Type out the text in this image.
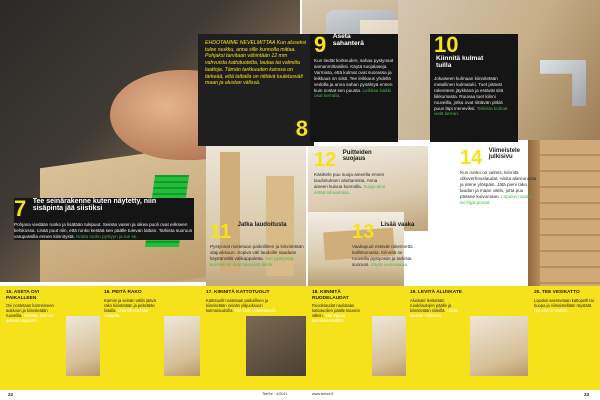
EHDOTAMME NEVELMITTAA Kun aluseksi tulee ruukku, anna sille kunnolla mittaa. Pohjaksi tarvitaan vähintään 12 mm vahvuista kattotuotetta, lautaa tai valmiita laattoja. Tämän tarkkuuden kanssa on tärkeää, että lattialla on riittävä tuuletusväli maan ja alustan välissä.

8
7 Tee seinärakenne kuten näytetty, niin sisäpinta jää siistiksi

Pohjana viedään runko ja lisätään tukipuut. Seinän vasen ja oikea puoli ovat erikseen kehikossa. Lisää puut niin, että runko kestää sen päälle tulevan lattian. Tarkista suoruus vatupassilla ennen kiinnitystä. Nosta runko pystyyn ja tue se.

9 Aseta sahanterä

Kun tiedät korkeuden, sahaa pystyosat samanmittaisiksi. Käytä suojalaseja. Varmista, että kulmat ovat suorassa ja leikkaus on siisti. Tee leikkaus yhdellä vedolla ja anna sahan pysähtyä ennen kuin nostat sen puusta. Leikkaa kaikki osat kerralla.

10 Kiinnitä kulmat tuilla

Jokaiseen kulmaan kiinnitetään metallinen kulmatuki. Tuet pitävät rakenteen jäykkänä ja estävät sitä liikkumasta. Ruuvaa tuet kiinni ruuveilla, jotka ovat riittävän pitkiä puun läpi meneviksi. Tarkista kulmat vielä kerran.

11 Jatka laudoitusta

Pystyosat nostetaan paikoilleen ja kiinnitetään alajuoksuun. Sopiva väli laudoille saadaan käyttämällä välikappaletta. Tue pystyosat, kunnes ne ovat tukevasti kiinni.

12 Puitteiden suojaus

Käsittele puu suoja-aineella ennen laudoituksen aloittamista. Anna aineen kuivua kunnolla. Suoja-aine estää lahoamista.

13 Lisää vaaka

Vaakapuut estävät rakennetta kallistumasta. Kiinnitä ne ruuveilla pystyosiin ja tarkista suoruus. Käytä vesivaakaa.

14 Viimeistele julkisivu

Kun runko on valmis, kiinnitä ulkoverhouslaudat. Aloita alareunasta ja etene ylöspäin. Jätä pieni rako laudan ja maan väliin, jotta puu pääsee kuivumaan. Lopuksi maalaa tai öljyä pinnat.

15. ASETA OVI PAIKALLEEN
Ovi nostetaan karmeineen aukkoon ja kiinnitetään ruuveilla. Tarkista, että ovi aukeaa vapaasti.
16. PEITÄ RAKO
Karmin ja seinän väliin jäävä rako tiivistetään ja peitetään listalla. Lista kiinnitetään nauloilla.
17. KIINNITÄ KATTOTUOLIT
Kattotuolit nostetaan paikoilleen ja kiinnitetään seinän yläjuoksuun kulmaraudoilla. Tue tuolit väliaikaisesti.
18. KIINNITÄ RUODELAUDAT
Ruodelaudat naulataan kattotuolien päälle tasaisin välein. Väli riippuu katemateriaalista.
19. LEVITÄ ALUSKATE
Aluskate levitetään ruodelautojen päälle ja kiinnitetään niiteillä. Limitä saumat riittävästi.
20. TEE VESIKATTO
Lopuksi asennetaan kattopelti tai huopa ja viimeistellään räystäät. Nyt vaja on valmis.
22	TeeSe · 4/2011	www.teese.fi	23
